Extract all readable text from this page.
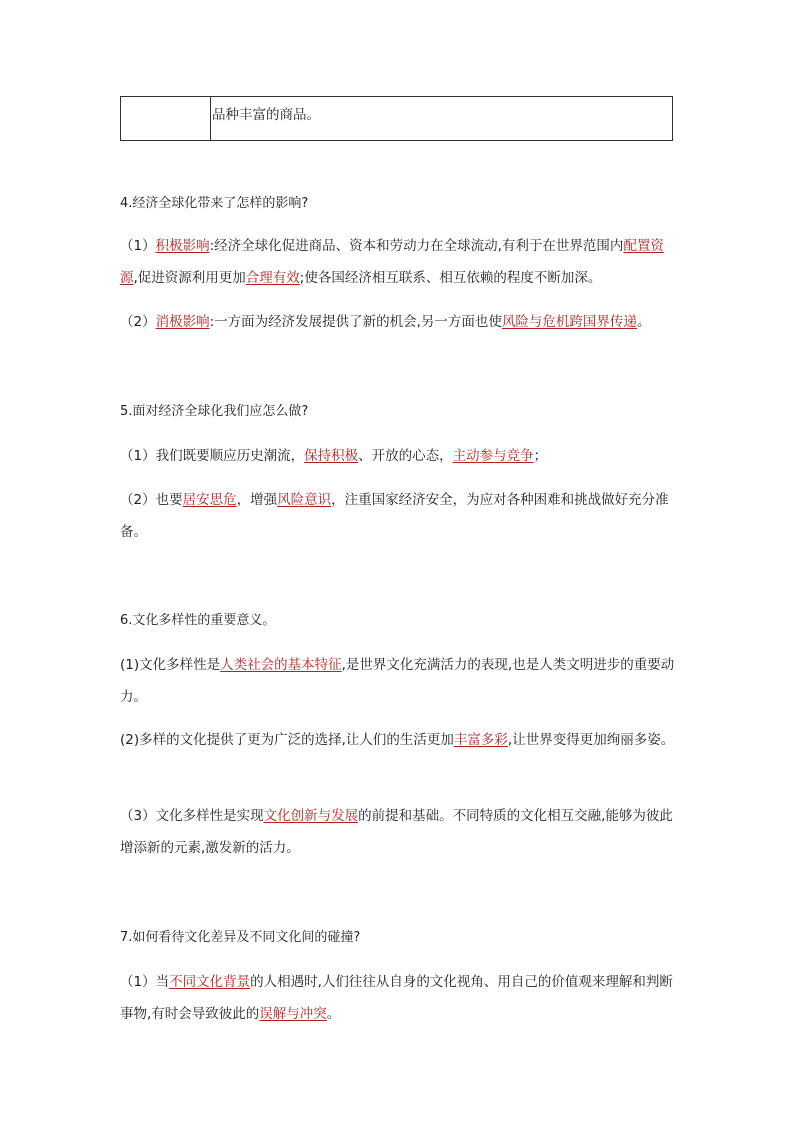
品种丰富的商品。
4.经济全球化带来了怎样的影响?
（1）积极影响:经济全球化促进商品、资本和劳动力在全球流动,有利于在世界范围内配置资源,促进资源利用更加合理有效;使各国经济相互联系、相互依赖的程度不断加深。
（2）消极影响:一方面为经济发展提供了新的机会,另一方面也使风险与危机跨国界传递。
5.面对经济全球化我们应怎么做?
（1）我们既要顺应历史潮流，保持积极、开放的心态，主动参与竞争；
（2）也要居安思危，增强风险意识，注重国家经济安全，为应对各种困难和挑战做好充分准备。
6.文化多样性的重要意义。
(1)文化多样性是人类社会的基本特征,是世界文化充满活力的表现,也是人类文明进步的重要动力。
(2)多样的文化提供了更为广泛的选择,让人们的生活更加丰富多彩,让世界变得更加绚丽多姿。
（3）文化多样性是实现文化创新与发展的前提和基础。不同特质的文化相互交融,能够为彼此增添新的元素,激发新的活力。
7.如何看待文化差异及不同文化间的碰撞?
（1）当不同文化背景的人相遇时,人们往往从自身的文化视角、用自己的价值观来理解和判断事物,有时会导致彼此的误解与冲突。
